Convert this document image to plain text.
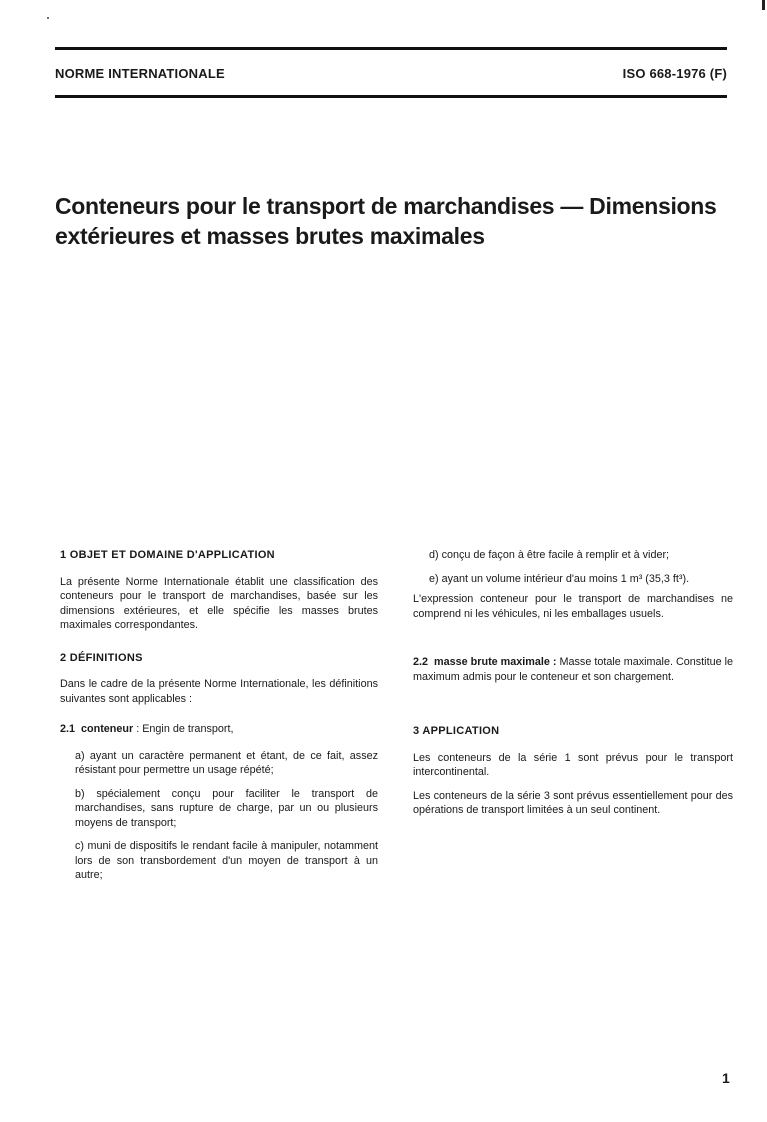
NORME INTERNATIONALE	ISO 668-1976 (F)
Conteneurs pour le transport de marchandises — Dimensions extérieures et masses brutes maximales
1 OBJET ET DOMAINE D'APPLICATION

La présente Norme Internationale établit une classification des conteneurs pour le transport de marchandises, basée sur les dimensions extérieures, et elle spécifie les masses brutes maximales correspondantes.

2 DÉFINITIONS

Dans le cadre de la présente Norme Internationale, les définitions suivantes sont applicables :

2.1 conteneur : Engin de transport,

a) ayant un caractère permanent et étant, de ce fait, assez résistant pour permettre un usage répété;

b) spécialement conçu pour faciliter le transport de marchandises, sans rupture de charge, par un ou plusieurs moyens de transport;

c) muni de dispositifs le rendant facile à manipuler, notamment lors de son transbordement d'un moyen de transport à un autre;

d) conçu de façon à être facile à remplir et à vider;

e) ayant un volume intérieur d'au moins 1 m³ (35,3 ft³).

L'expression conteneur pour le transport de marchandises ne comprend ni les véhicules, ni les emballages usuels.

2.2 masse brute maximale : Masse totale maximale. Constitue le maximum admis pour le conteneur et son chargement.

3 APPLICATION

Les conteneurs de la série 1 sont prévus pour le transport intercontinental.

Les conteneurs de la série 3 sont prévus essentiellement pour des opérations de transport limitées à un seul continent.

1
